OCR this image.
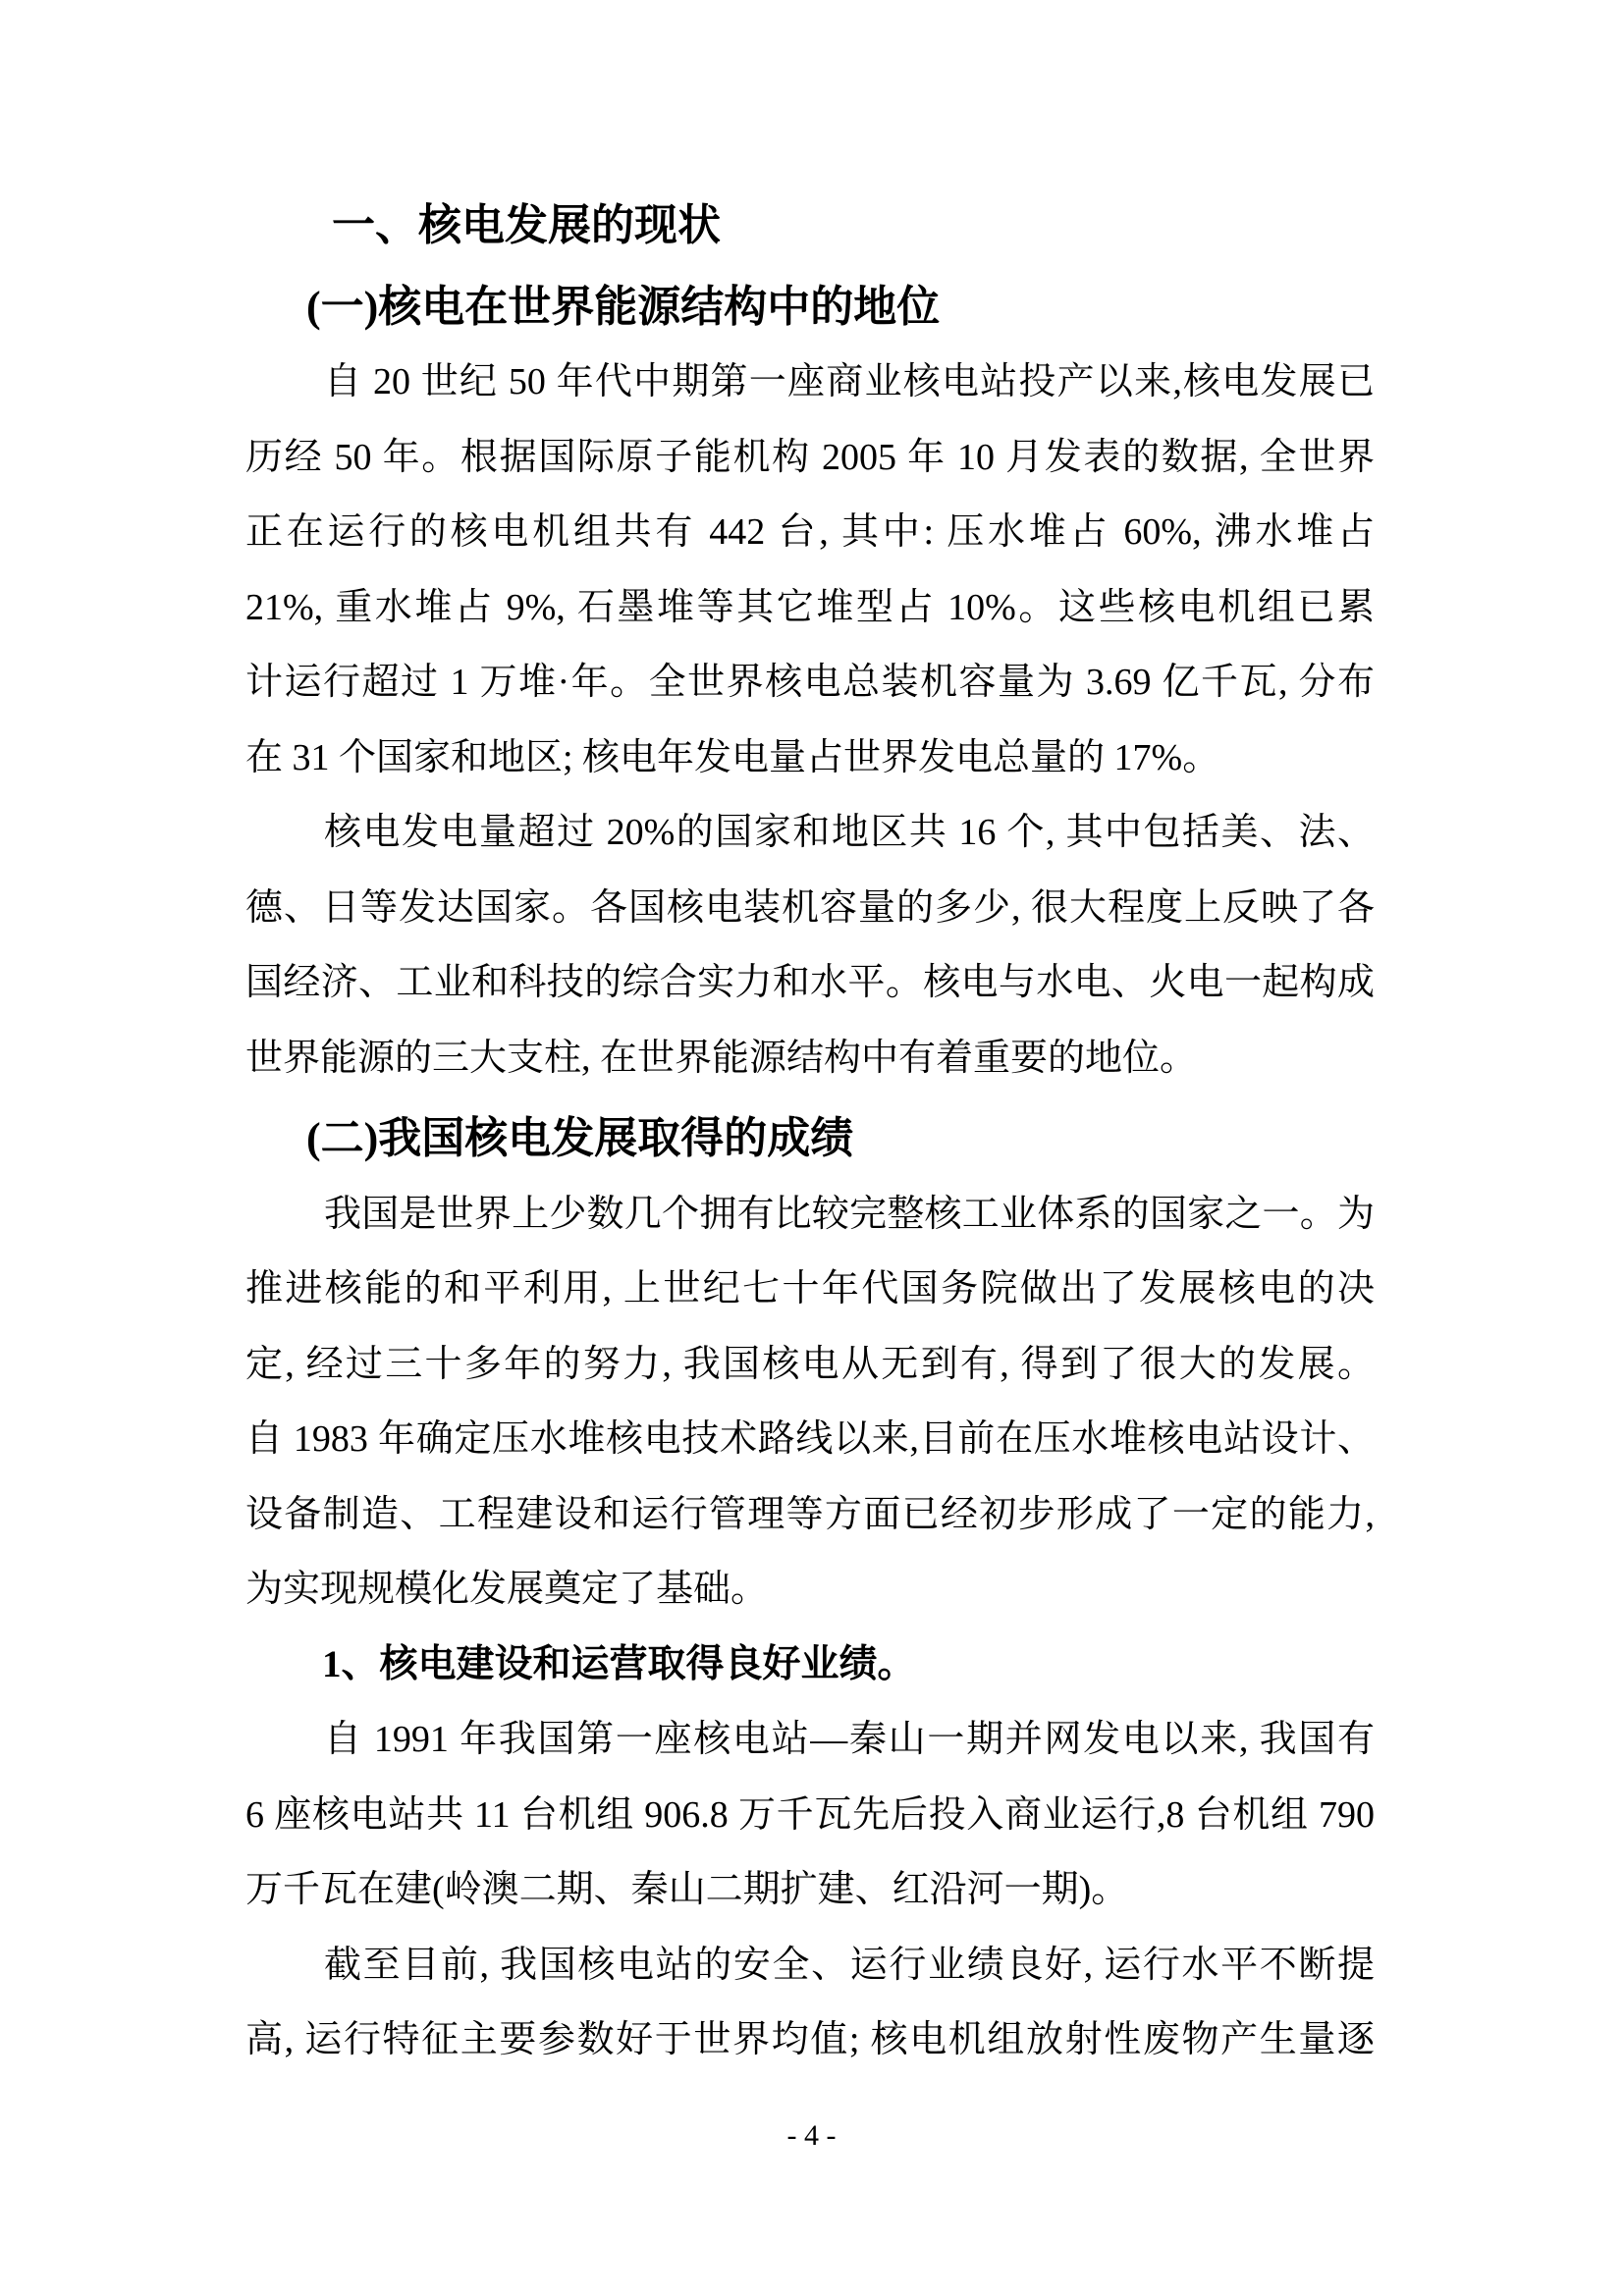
一、核电发展的现状
(一)核电在世界能源结构中的地位
自 20 世纪 50 年代中期第一座商业核电站投产以来,核电发展已
历经 50 年。根据国际原子能机构 2005 年 10 月发表的数据, 全世界
正在运行的核电机组共有 442 台, 其中: 压水堆占 60%, 沸水堆占
21%, 重水堆占 9%, 石墨堆等其它堆型占 10%。这些核电机组已累
计运行超过 1 万堆·年。全世界核电总装机容量为 3.69 亿千瓦, 分布
在 31 个国家和地区; 核电年发电量占世界发电总量的 17%。
核电发电量超过 20%的国家和地区共 16 个, 其中包括美、法、
德、日等发达国家。各国核电装机容量的多少, 很大程度上反映了各
国经济、工业和科技的综合实力和水平。核电与水电、火电一起构成
世界能源的三大支柱, 在世界能源结构中有着重要的地位。
(二)我国核电发展取得的成绩
我国是世界上少数几个拥有比较完整核工业体系的国家之一。为
推进核能的和平利用, 上世纪七十年代国务院做出了发展核电的决
定, 经过三十多年的努力, 我国核电从无到有, 得到了很大的发展。
自 1983 年确定压水堆核电技术路线以来,目前在压水堆核电站设计、
设备制造、工程建设和运行管理等方面已经初步形成了一定的能力,
为实现规模化发展奠定了基础。
1、核电建设和运营取得良好业绩。
自 1991 年我国第一座核电站—秦山一期并网发电以来, 我国有
6 座核电站共 11 台机组 906.8 万千瓦先后投入商业运行,8 台机组 790
万千瓦在建(岭澳二期、秦山二期扩建、红沿河一期)。
截至目前, 我国核电站的安全、运行业绩良好, 运行水平不断提
高, 运行特征主要参数好于世界均值; 核电机组放射性废物产生量逐
- 4 -
